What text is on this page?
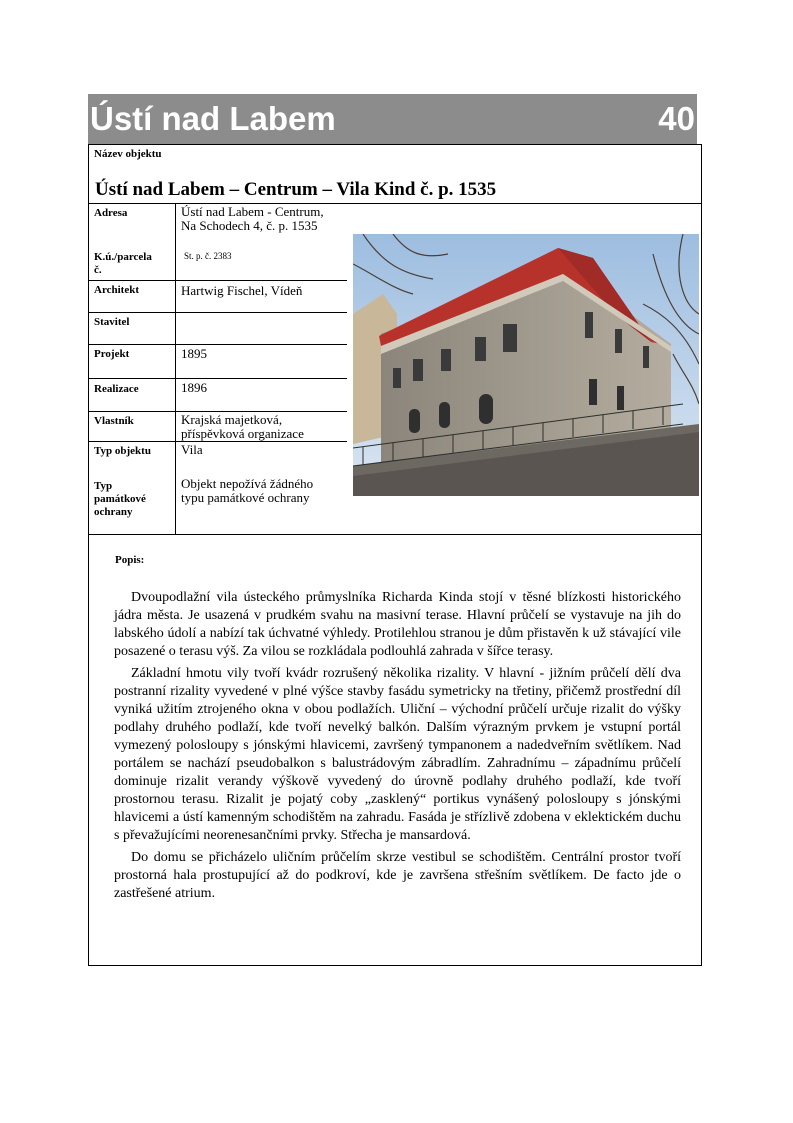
Ústí nad Labem	40
Název objektu
Ústí nad Labem – Centrum – Vila Kind č. p. 1535
Adresa
K.ú./parcela
č.
Architekt
Stavitel
Projekt
Realizace
Vlastník
Typ objektu
Typ
památkové
ochrany
Ústí nad Labem - Centrum,
Na Schodech 4, č. p. 1535
St. p. č. 2383
Hartwig Fischel, Vídeň
1895
1896
Krajská majetková,
příspěvková organizace
Vila
Objekt nepožívá žádného
typu památkové ochrany
Popis:

Dvoupodlažní vila ústeckého průmyslníka Richarda Kinda stojí v těsné blízkosti historického jádra města. Je usazená v prudkém svahu na masivní terase. Hlavní průčelí se vystavuje na jih do labského údolí a nabízí tak úchvatné výhledy. Protilehlou stranou je dům přistavěn k už stávající vile posazené o terasu výš. Za vilou se rozkládala podlouhlá zahrada v šířce terasy.

Základní hmotu vily tvoří kvádr rozrušený několika rizality. V hlavní - jižním průčelí dělí dva postranní rizality vyvedené v plné výšce stavby fasádu symetricky na třetiny, přičemž prostřední díl vyniká užitím ztrojeného okna v obou podlažích. Uliční – východní průčelí určuje rizalit do výšky podlahy druhého podlaží, kde tvoří nevelký balkón. Dalším výrazným prvkem je vstupní portál vymezený polosloupy s jónskými hlavicemi, završený tympanonem a nadedveřním světlíkem. Nad portálem se nachází pseudobalkon s balustrádovým zábradlím. Zahradnímu – západnímu průčelí dominuje rizalit verandy výškově vyvedený do úrovně podlahy druhého podlaží, kde tvoří prostornou terasu. Rizalit je pojatý coby „zasklený“ portikus vynášený polosloupy s jónskými hlavicemi a ústí kamenným schodištěm na zahradu. Fasáda je střízlivě zdobena v eklektickém duchu s převažujícími neorenesančními prvky. Střecha je mansardová.

Do domu se přicházelo uličním průčelím skrze vestibul se schodištěm. Centrální prostor tvoří prostorná hala prostupující až do podkroví, kde je završena střešním světlíkem. De facto jde o zastřešené atrium.
